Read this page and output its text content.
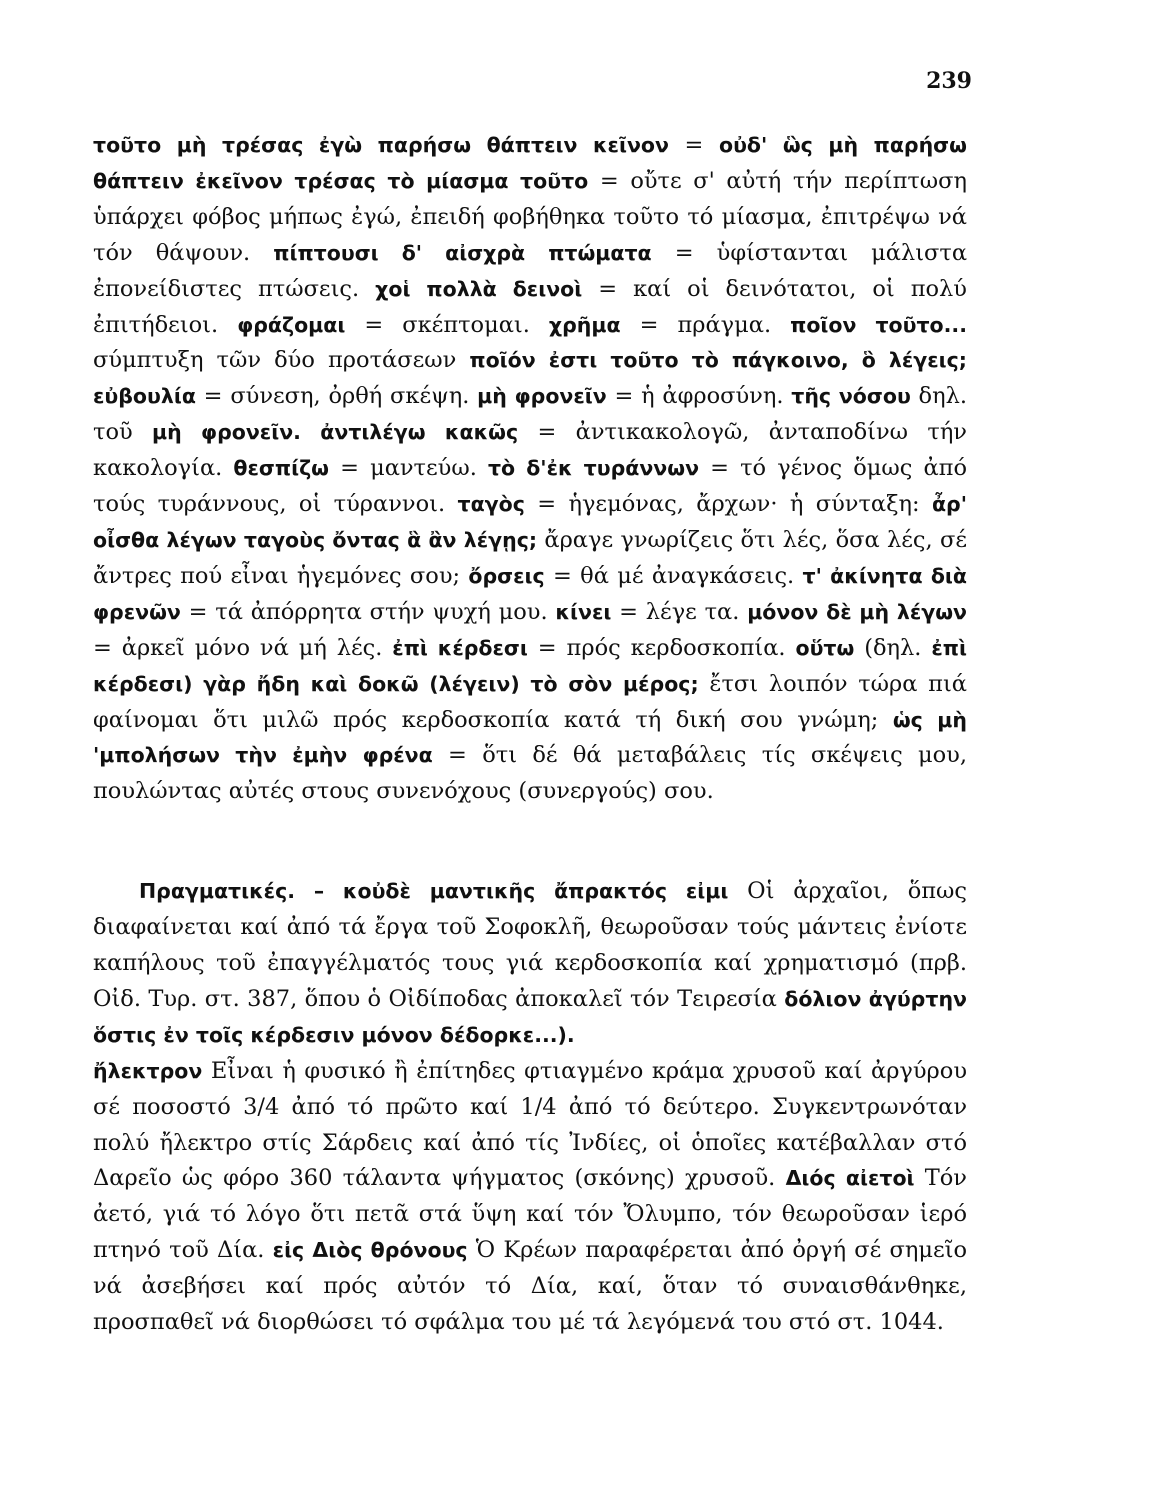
239

τοῦτο μὴ τρέσας ἐγὼ παρήσω θάπτειν κεῖνον = οὐδ' ὣς μὴ παρήσω θάπτειν ἐκεῖνον τρέσας τὸ μίασμα τοῦτο = οὔτε σ' αὐτή τήν περίπτωση ὑπάρχει φόβος μήπως ἐγώ, ἐπειδή φοβήθηκα τοῦτο τό μίασμα, ἐπιτρέψω νά τόν θάψουν. πίπτουσι δ' αἰσχρὰ πτώματα = ὑφίστανται μάλιστα ἐπονείδιστες πτώσεις. χοἱ πολλὰ δεινοὶ = καί οἱ δεινότατοι, οἱ πολύ ἐπιτήδειοι. φράζομαι = σκέπτομαι. χρῆμα = πράγμα. ποῖον τοῦτο... σύμπτυξη τῶν δύο προτάσεων ποῖόν ἐστι τοῦτο τὸ πάγκοινο, ὃ λέγεις; εὐβουλία = σύνεση, ὀρθή σκέψη. μὴ φρονεῖν = ἡ ἀφροσύνη. τῆς νόσου δηλ. τοῦ μὴ φρονεῖν. ἀντιλέγω κακῶς = ἀντικακολογῶ, ἀνταποδίνω τήν κακολογία. θεσπίζω = μαντεύω. τὸ δ'ἐκ τυράννων = τό γένος ὅμως ἀπό τούς τυράννους, οἱ τύραννοι. ταγὸς = ἡγεμόνας, ἄρχων· ἡ σύνταξη: ἆρ' οἶσθα λέγων ταγοὺς ὄντας ἃ ἂν λέγῃς; ἄραγε γνωρίζεις ὅτι λές, ὅσα λές, σέ ἄντρες πού εἶναι ἡγεμόνες σου; ὄρσεις = θά μέ ἀναγκάσεις. τ' ἀκίνητα διὰ φρενῶν = τά ἀπόρρητα στήν ψυχή μου. κίνει = λέγε τα. μόνον δὲ μὴ λέγων = ἀρκεῖ μόνο νά μή λές. ἐπὶ κέρδεσι = πρός κερδοσκοπία. οὕτω (δηλ. ἐπὶ κέρδεσι) γὰρ ἤδη καὶ δοκῶ (λέγειν) τὸ σὸν μέρος; ἔτσι λοιπόν τώρα πιά φαίνομαι ὅτι μιλῶ πρός κερδοσκοπία κατά τή δική σου γνώμη; ὡς μὴ 'μπολήσων τὴν ἐμὴν φρένα = ὅτι δέ θά μεταβάλεις τίς σκέψεις μου, πουλώντας αὐτές στους συνενόχους (συνεργούς) σου.

Πραγματικές. – κοὐδὲ μαντικῆς ἄπρακτός εἰμι Οἱ ἀρχαῖοι, ὅπως διαφαίνεται καί ἀπό τά ἔργα τοῦ Σοφοκλῆ, θεωροῦσαν τούς μάντεις ἐνίοτε καπήλους τοῦ ἐπαγγέλματός τους γιά κερδοσκοπία καί χρηματισμό (πρβ. Οἰδ. Τυρ. στ. 387, ὅπου ὁ Οἰδίποδας ἀποκαλεῖ τόν Τειρεσία δόλιον ἀγύρτην ὅστις ἐν τοῖς κέρδεσιν μόνον δέδορκε...).

ἤλεκτρον Εἶναι ἡ φυσικό ἢ ἐπίτηδες φτιαγμένο κράμα χρυσοῦ καί ἀργύρου σέ ποσοστό 3/4 ἀπό τό πρῶτο καί 1/4 ἀπό τό δεύτερο. Συγκεντρωνόταν πολύ ἤλεκτρο στίς Σάρδεις καί ἀπό τίς Ἰνδίες, οἱ ὁποῖες κατέβαλλαν στό Δαρεῖο ὡς φόρο 360 τάλαντα ψήγματος (σκόνης) χρυσοῦ. Διός αἰετοὶ Τόν ἀετό, γιά τό λόγο ὅτι πετᾶ στά ὕψη καί τόν Ὄλυμπο, τόν θεωροῦσαν ἱερό πτηνό τοῦ Δία. εἰς Διὸς θρόνους Ὁ Κρέων παραφέρεται ἀπό ὀργή σέ σημεῖο νά ἀσεβήσει καί πρός αὐτόν τό Δία, καί, ὅταν τό συναισθάνθηκε, προσπαθεῖ νά διορθώσει τό σφάλμα του μέ τά λεγόμενά του στό στ. 1044.
